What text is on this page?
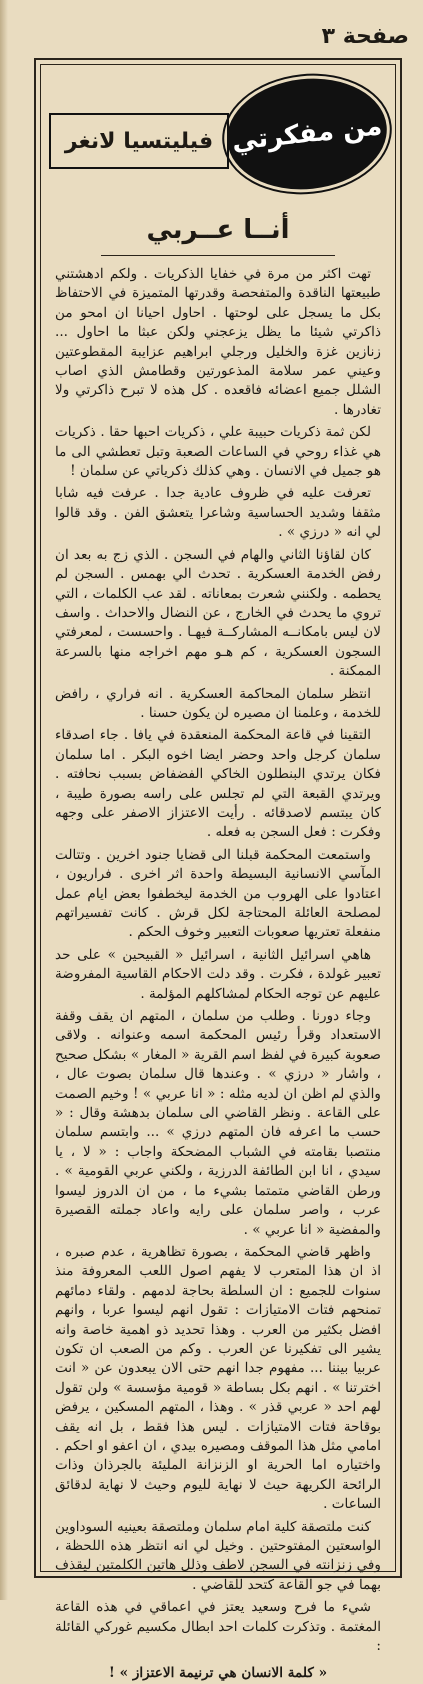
صفحة ٣
من مفكرتي
فيليتسيا لانغر
أنــا عــربي

تهت اكثر من مرة في خفايا الذكريات . ولكم ادهشتني طبيعتها الناقدة والمتفحصة وقدرتها المتميزة في الاحتفاظ بكل ما يسجل على لوحتها . احاول احيانا ان امحو من ذاكرتي شيئا ما يظل يزعجني ولكن عبثا ما احاول ... زنازين غزة والخليل ورجلي ابراهيم عزايبة المقطوعتين وعيني عمر سلامة المذعورتين وقطامش الذي اصاب الشلل جميع اعضائه فاقعده . كل هذه لا تبرح ذاكرتي ولا تغادرها .

لكن ثمة ذكريات حبيبة علي ، ذكريات احبها حقا . ذكريات هي غذاء روحي في الساعات الصعبة وتبل تعطشي الى ما هو جميل في الانسان . وهي كذلك ذكرياتي عن سلمان !

تعرفت عليه في ظروف عادية جدا . عرفت فيه شابا مثقفا وشديد الحساسية وشاعرا يتعشق الفن . وقد قالوا لي انه « درزي » .

كان لقاؤنا الثاني والهام في السجن . الذي زج به بعد ان رفض الخدمة العسكرية . تحدث الي بهمس . السجن لم يحطمه . ولكنني شعرت بمعاناته . لقد عب الكلمات ، التي تروي ما يحدث في الخارج ، عن النضال والاحداث . واسف لان ليس بامكانــه المشاركــة فيهـا . واحسست ، لمعرفتي السجون العسكرية ، كم هـو مهم اخراجه منها بالسرعة الممكنة .

انتظر سلمان المحاكمة العسكرية . انه فراري ، رافض للخدمة ، وعلمنا ان مصيره لن يكون حسنا .

التقينا في قاعة المحكمة المنعقدة في يافا . جاء اصدقاء سلمان كرجل واحد وحضر ايضا اخوه البكر . اما سلمان فكان يرتدي البنطلون الخاكي الفضفاض بسبب نحافته . ويرتدي القبعة التي لم تجلس على راسه بصورة طيبة ، كان يبتسم لاصدقائه . رأيت الاعتزاز الاصفر على وجهه وفكرت : فعل السجن به فعله .

واستمعت المحكمة قبلنا الى قضايا جنود اخرين . وتتالت المآسي الانسانية البسيطة واحدة اثر اخرى . فراريون ، اعتادوا على الهروب من الخدمة ليخطفوا بعض ايام عمل لمصلحة العائلة المحتاجة لكل قرش . كانت تفسيراتهم منفعلة تعتريها صعوبات التعبير وخوف الحكم .

هاهي اسرائيل الثانية ، اسرائيل « القبيحين » على حد تعبير غولدة ، فكرت . وقد دلت الاحكام القاسية المفروضة عليهم عن توجه الحكام لمشاكلهم المؤلمة .

وجاء دورنا . وطلب من سلمان ، المتهم ان يقف وقفة الاستعداد وقرأ رئيس المحكمة اسمه وعنوانه . ولاقى صعوبة كبيرة في لفظ اسم القرية « المغار » بشكل صحيح ، واشار « درزي » . وعندها قال سلمان بصوت عال ، والذي لم اظن ان لديه مثله : « انا عربي » ! وخيم الصمت على القاعة . ونظر القاضي الى سلمان بدهشة وقال : « حسب ما اعرفه فان المتهم درزي » ... وابتسم سلمان منتصبا بقامته في الشباب المضحكة واجاب : « لا ، يا سيدي ، انا ابن الطائفة الدرزية ، ولكني عربي القومية » . ورطن القاضي متمتما بشيء ما ، من ان الدروز ليسوا عرب ، واصر سلمان على رايه واعاد جملته القصيرة والمفضية « انا عربي » .

واظهر قاضي المحكمة ، بصورة تظاهرية ، عدم صبره ، اذ ان هذا المتعرب لا يفهم اصول اللعب المعروفة منذ سنوات للجميع : ان السلطة بحاجة لدمهم . ولقاء دمائهم تمنحهم فتات الامتيازات : تقول انهم ليسوا عربا ، وانهم افضل بكثير من العرب . وهذا تحديد ذو اهمية خاصة وانه يشير الى تفكيرنا عن العرب . وكم من الصعب ان تكون عربيا بيننا ... مفهوم جدا انهم حتى الان يبعدون عن « انت اخترتنا » . انهم بكل بساطة « قومية مؤسسة » ولن تقول لهم احد « عربي قذر » . وهذا ، المتهم المسكين ، يرفض بوقاحة فتات الامتيازات . ليس هذا فقط ، بل انه يقف امامي مثل هذا الموقف ومصيره بيدي ، ان اعفو او احكم . واختياره اما الحرية او الزنزانة المليئة بالجرذان وذات الرائحة الكريهة حيث لا نهاية لليوم وحيث لا نهاية لدقائق الساعات .

كنت ملتصقة كلية امام سلمان وملتصقة بعينيه السوداوين الواسعتين المفتوحتين . وخيل لي انه انتظر هذه اللحظة ، وفي زنزانته في السجن لاطف وذلل هاتين الكلمتين ليقذف بهما في جو القاعة كتحد للقاضي .

شيء ما فرح وسعيد يعتز في اعماقي في هذه القاعة المغتمة . وتذكرت كلمات احد ابطال مكسيم غوركي القائلة :

« كلمة الانسان هي ترنيمة الاعتزاز » !
